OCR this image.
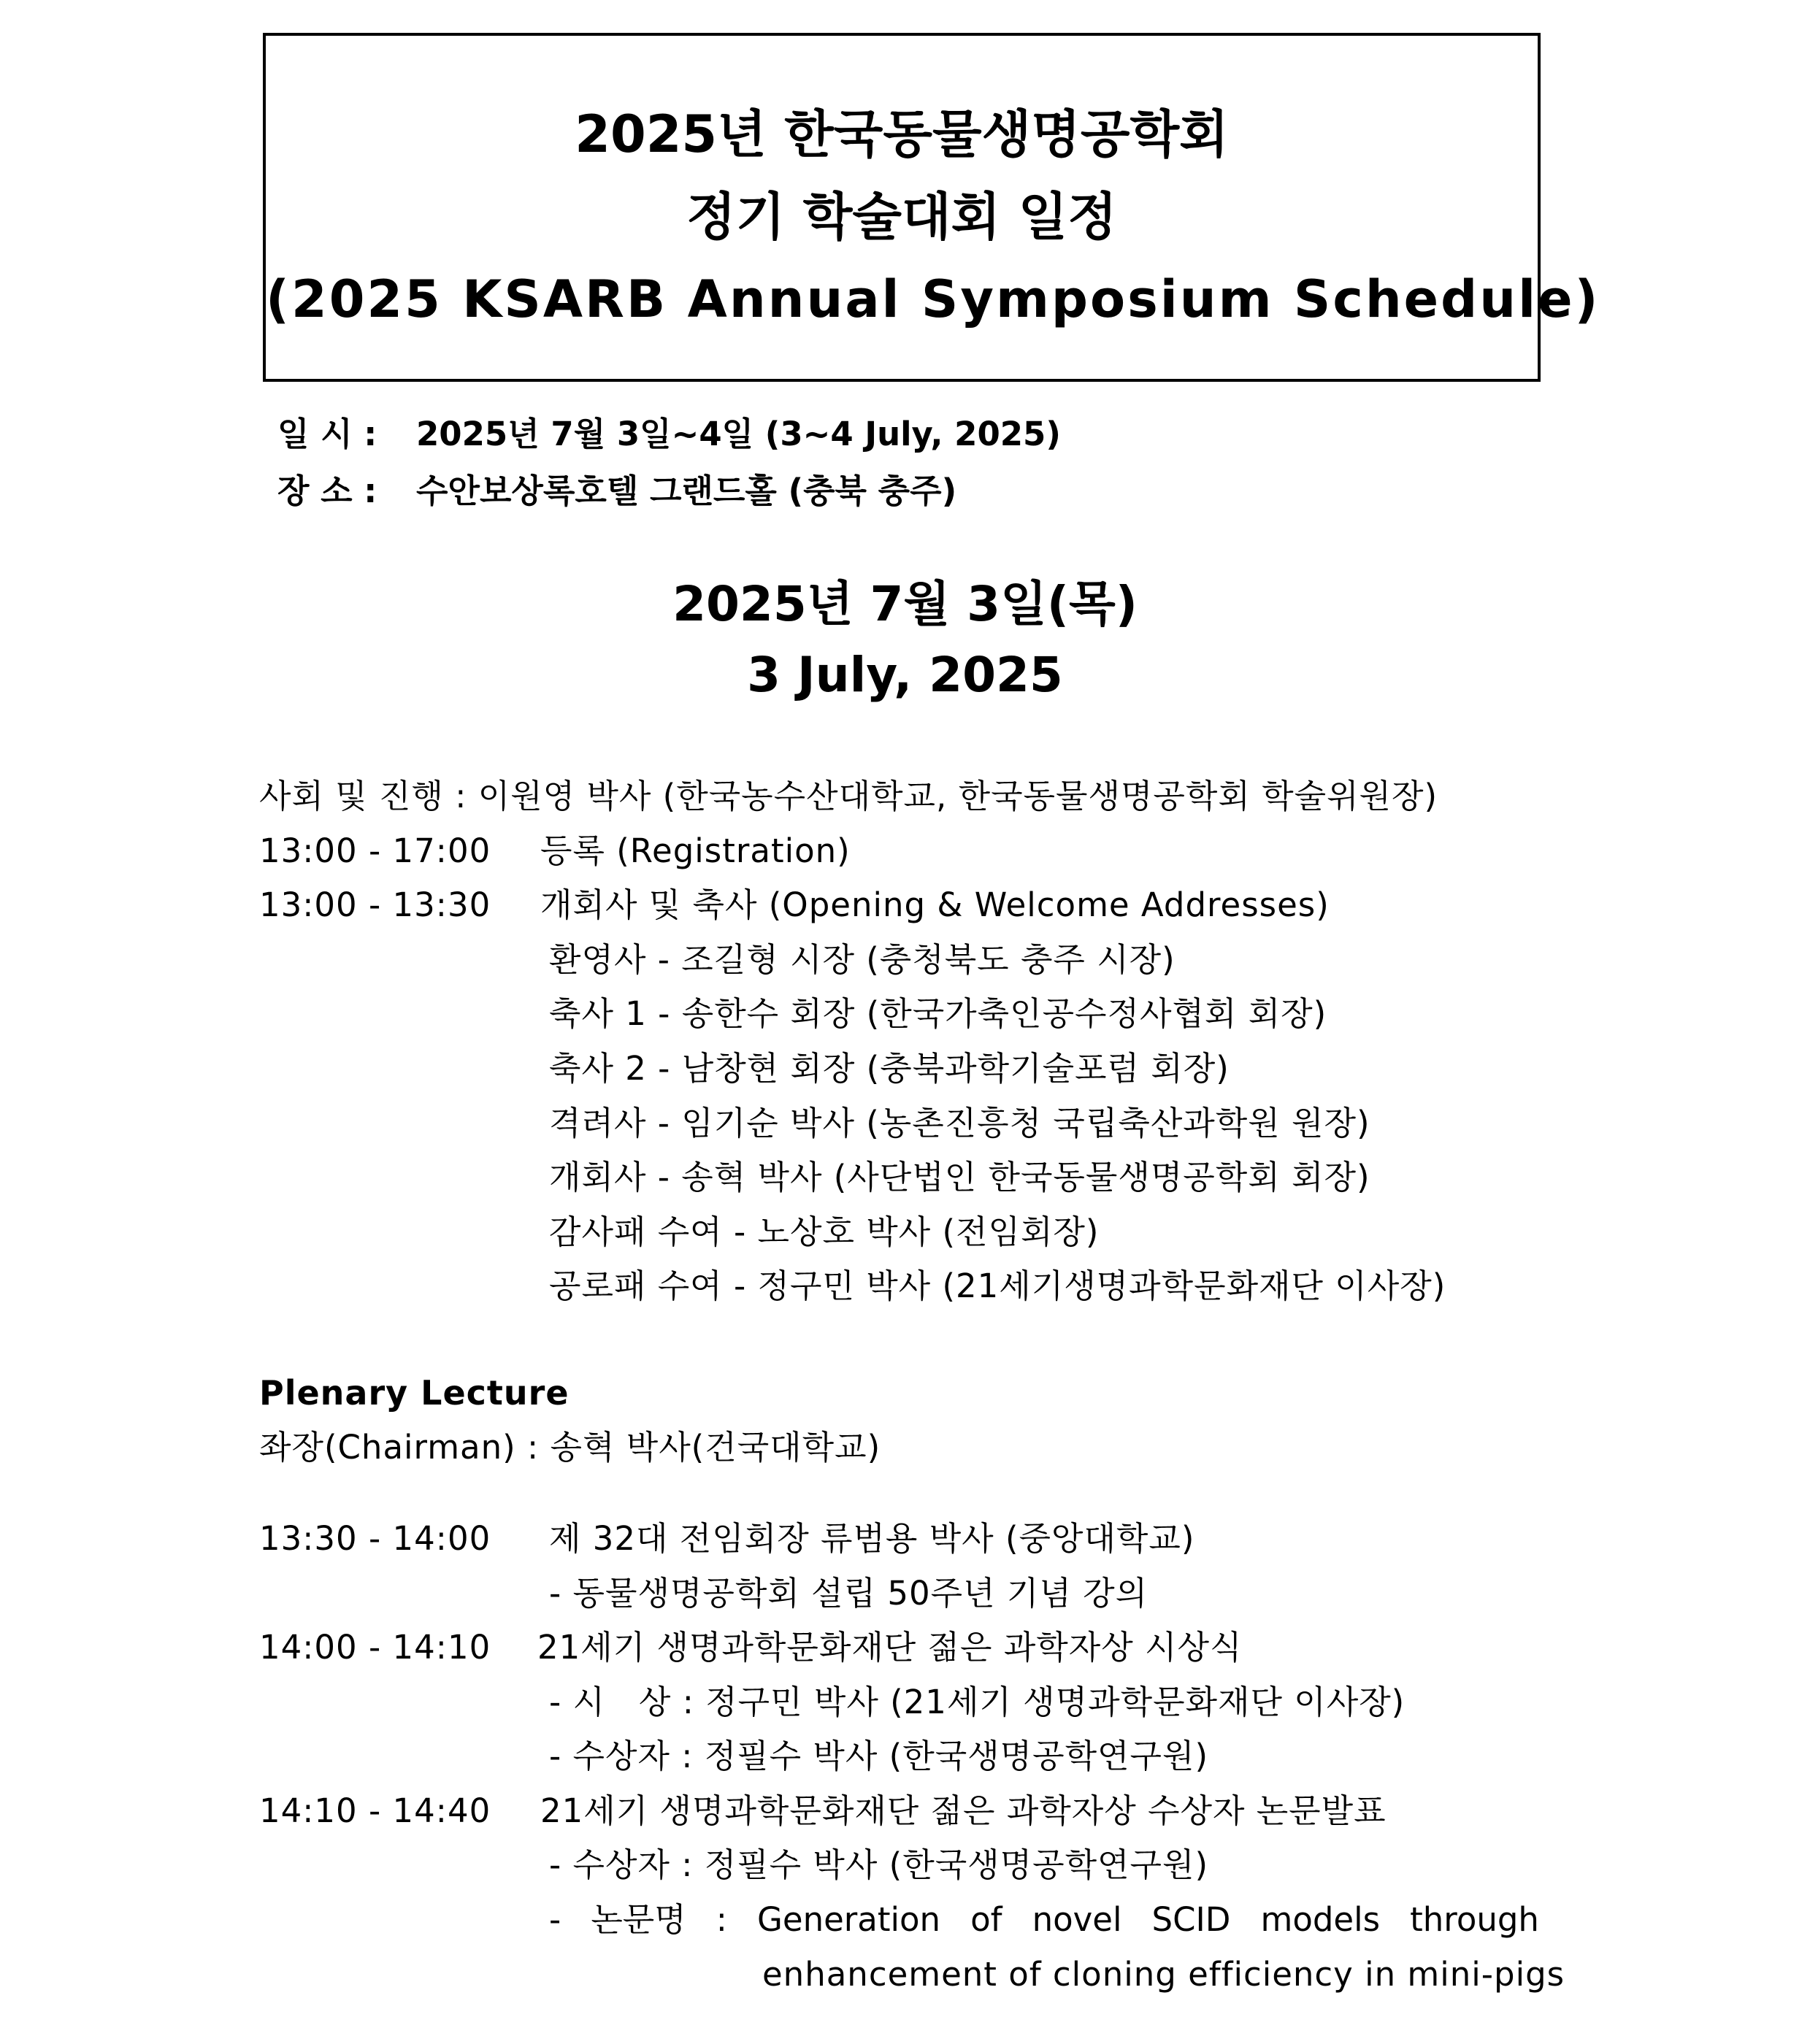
2025년 한국동물생명공학회
정기 학술대회 일정
(2025 KSARB Annual Symposium Schedule)
일 시 : 2025년 7월 3일~4일 (3~4 July, 2025)
장 소 : 수안보상록호텔 그랜드홀 (충북 충주)
2025년 7월 3일(목)
3 July, 2025
사회 및 진행 : 이원영 박사 (한국농수산대학교, 한국동물생명공학회 학술위원장)
13:00 - 17:00 등록 (Registration)
13:00 - 13:30 개회사 및 축사 (Opening & Welcome Addresses)
환영사 - 조길형 시장 (충청북도 충주 시장)
축사 1 - 송한수 회장 (한국가축인공수정사협회 회장)
축사 2 - 남창현 회장 (충북과학기술포럼 회장)
격려사 - 임기순 박사 (농촌진흥청 국립축산과학원 원장)
개회사 - 송혁 박사 (사단법인 한국동물생명공학회 회장)
감사패 수여 - 노상호 박사 (전임회장)
공로패 수여 - 정구민 박사 (21세기생명과학문화재단 이사장)
Plenary Lecture
좌장(Chairman) : 송혁 박사(건국대학교)
13:30 - 14:00 제 32대 전임회장 류범용 박사 (중앙대학교)
- 동물생명공학회 설립 50주년 기념 강의
14:00 - 14:10 21세기 생명과학문화재단 젊은 과학자상 시상식
- 시   상 : 정구민 박사 (21세기 생명과학문화재단 이사장)
- 수상자 : 정필수 박사 (한국생명공학연구원)
14:10 - 14:40 21세기 생명과학문화재단 젊은 과학자상 수상자 논문발표
- 수상자 : 정필수 박사 (한국생명공학연구원)
- 논문명 : Generation of novel SCID models through
enhancement of cloning efficiency in mini-pigs
